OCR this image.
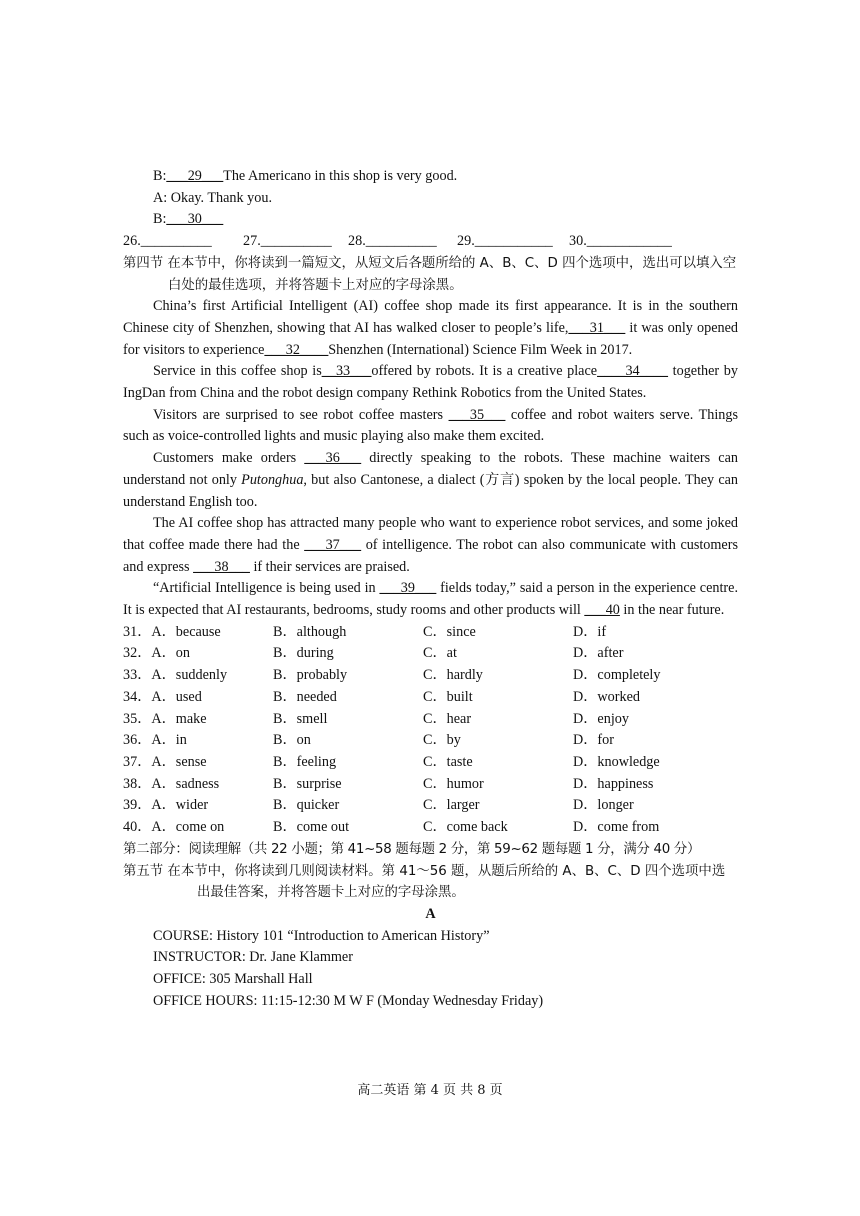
B:___29___The Americano in this shop is very good.
A: Okay. Thank you.
B:___30___
26.__________	27.__________	28.__________	29.___________	30.____________
第四节 在本节中，你将读到一篇短文，从短文后各题所给的 A、B、C、D 四个选项中，选出可以填入空白处的最佳选项，并将答题卡上对应的字母涂黑。
China’s first Artificial Intelligent (AI) coffee shop made its first appearance. It is in the southern Chinese city of Shenzhen, showing that AI has walked closer to people’s life,___31___ it was only opened for visitors to experience___32____Shenzhen (International) Science Film Week in 2017.
Service in this coffee shop is__33___offered by robots. It is a creative place____34____ together by IngDan from China and the robot design company Rethink Robotics from the United States.
Visitors are surprised to see robot coffee masters ___35___ coffee and robot waiters serve. Things such as voice-controlled lights and music playing also make them excited.
Customers make orders ___36___ directly speaking to the robots. These machine waiters can understand not only Putonghua, but also Cantonese, a dialect (方言) spoken by the local people. They can understand English too.
The AI coffee shop has attracted many people who want to experience robot services, and some joked that coffee made there had the ___37___ of intelligence. The robot can also communicate with customers and express ___38___ if their services are praised.
“Artificial Intelligence is being used in ___39___ fields today,” said a person in the experience centre. It is expected that AI restaurants, bedrooms, study rooms and other products will ___40 in the near future.
31．A．because	B．although	C．since	D．if
32．A．on	B．during	C．at	D．after
33．A．suddenly	B．probably	C．hardly	D．completely
34．A．used	B．needed	C．built	D．worked
35．A．make	B．smell	C．hear	D．enjoy
36．A．in	B．on	C．by	D．for
37．A．sense	B．feeling	C．taste	D．knowledge
38．A．sadness	B．surprise	C．humor	D．happiness
39．A．wider	B．quicker	C．larger	D．longer
40．A．come on	B．come out	C．come back	D．come from
第二部分：阅读理解（共 22 小题；第 41~58 题每题 2 分，第 59~62 题每题 1 分，满分 40 分）
第五节 在本节中，你将读到几则阅读材料。第 41～56 题，从题后所给的 A、B、C、D 四个选项中选出最佳答案，并将答题卡上对应的字母涂黑。
A
COURSE: History 101 “Introduction to American History”
INSTRUCTOR: Dr. Jane Klammer
OFFICE: 305 Marshall Hall
OFFICE HOURS: 11:15-12:30 M W F (Monday Wednesday Friday)
高二英语 第 4 页 共 8 页
